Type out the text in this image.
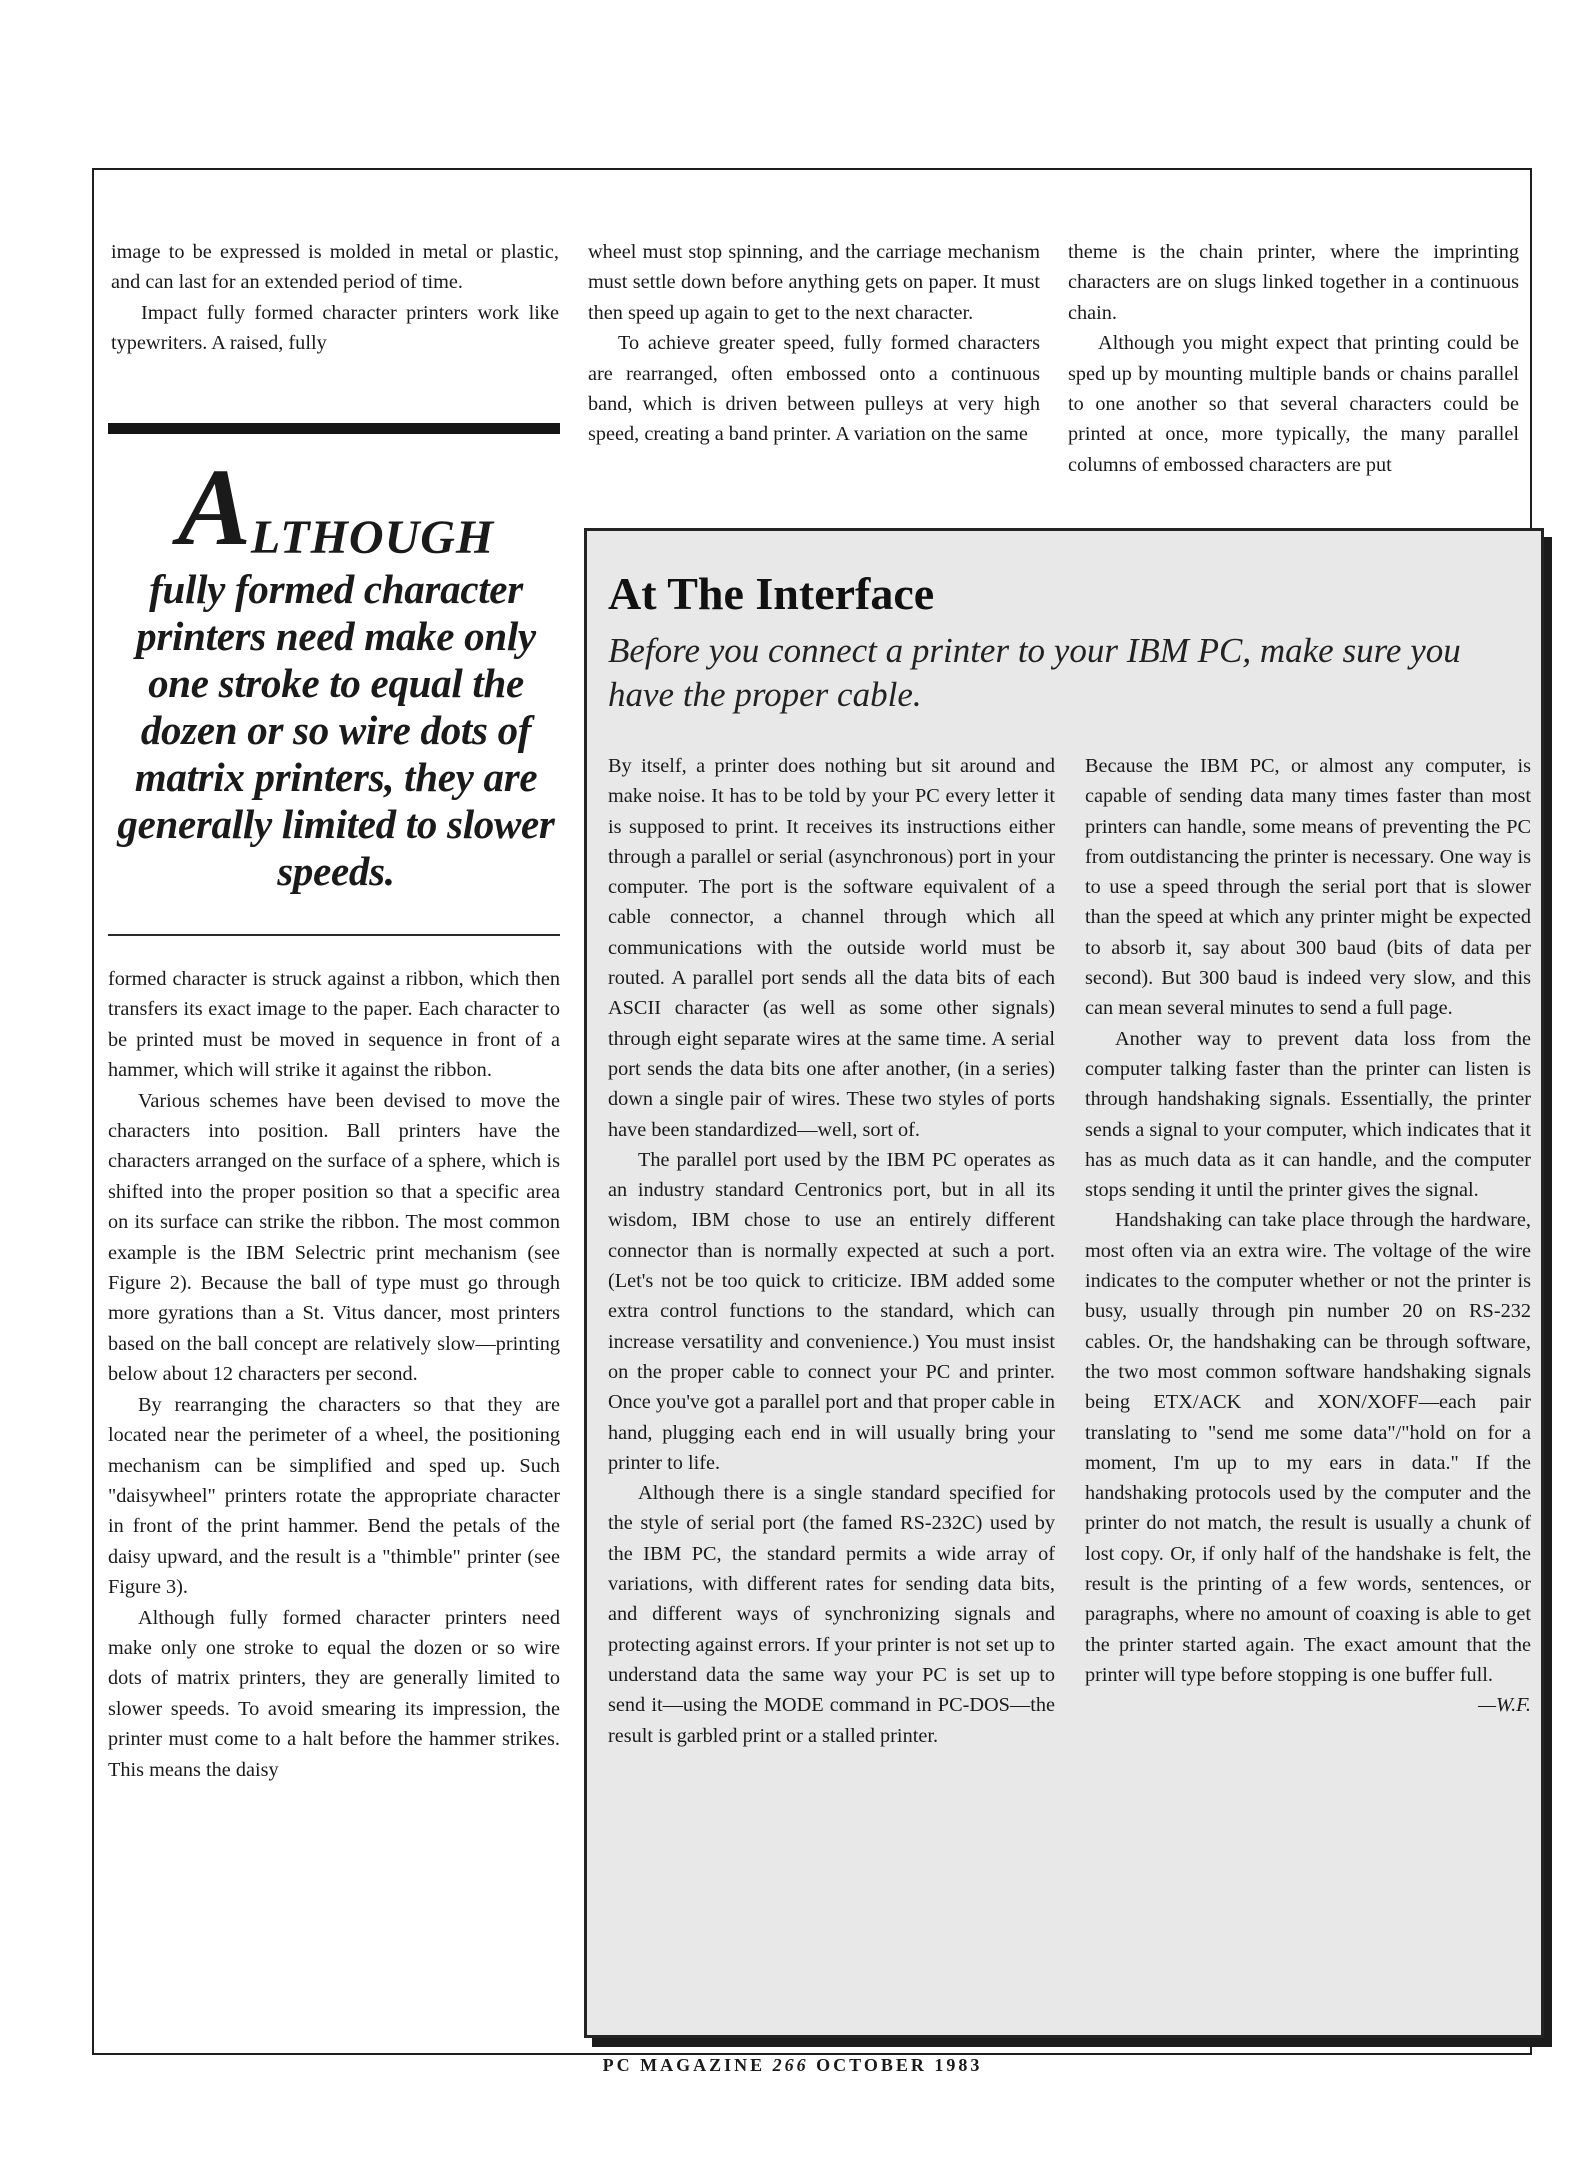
image to be expressed is molded in metal or plastic, and can last for an extended period of time.

Impact fully formed character printers work like typewriters. A raised, fully

wheel must stop spinning, and the carriage mechanism must settle down before anything gets on paper. It must then speed up again to get to the next character.

To achieve greater speed, fully formed characters are rearranged, often embossed onto a continuous band, which is driven between pulleys at very high speed, creating a band printer. A variation on the same

theme is the chain printer, where the imprinting characters are on slugs linked together in a continuous chain.

Although you might expect that printing could be sped up by mounting multiple bands or chains parallel to one another so that several characters could be printed at once, more typically, the many parallel columns of embossed characters are put

ALTHOUGH
fully formed character printers need make only one stroke to equal the dozen or so wire dots of matrix printers, they are generally limited to slower speeds.

formed character is struck against a ribbon, which then transfers its exact image to the paper. Each character to be printed must be moved in sequence in front of a hammer, which will strike it against the ribbon.

Various schemes have been devised to move the characters into position. Ball printers have the characters arranged on the surface of a sphere, which is shifted into the proper position so that a specific area on its surface can strike the ribbon. The most common example is the IBM Selectric print mechanism (see Figure 2). Because the ball of type must go through more gyrations than a St. Vitus dancer, most printers based on the ball concept are relatively slow—printing below about 12 characters per second.

By rearranging the characters so that they are located near the perimeter of a wheel, the positioning mechanism can be simplified and sped up. Such "daisywheel" printers rotate the appropriate character in front of the print hammer. Bend the petals of the daisy upward, and the result is a "thimble" printer (see Figure 3).

Although fully formed character printers need make only one stroke to equal the dozen or so wire dots of matrix printers, they are generally limited to slower speeds. To avoid smearing its impression, the printer must come to a halt before the hammer strikes. This means the daisy

At The Interface
Before you connect a printer to your IBM PC, make sure you have the proper cable.

By itself, a printer does nothing but sit around and make noise. It has to be told by your PC every letter it is supposed to print. It receives its instructions either through a parallel or serial (asynchronous) port in your computer. The port is the software equivalent of a cable connector, a channel through which all communications with the outside world must be routed. A parallel port sends all the data bits of each ASCII character (as well as some other signals) through eight separate wires at the same time. A serial port sends the data bits one after another, (in a series) down a single pair of wires. These two styles of ports have been standardized—well, sort of.

The parallel port used by the IBM PC operates as an industry standard Centronics port, but in all its wisdom, IBM chose to use an entirely different connector than is normally expected at such a port. (Let's not be too quick to criticize. IBM added some extra control functions to the standard, which can increase versatility and convenience.) You must insist on the proper cable to connect your PC and printer. Once you've got a parallel port and that proper cable in hand, plugging each end in will usually bring your printer to life.

Although there is a single standard specified for the style of serial port (the famed RS-232C) used by the IBM PC, the standard permits a wide array of variations, with different rates for sending data bits, and different ways of synchronizing signals and protecting against errors. If your printer is not set up to understand data the same way your PC is set up to send it—using the MODE command in PC-DOS—the result is garbled print or a stalled printer.

Because the IBM PC, or almost any computer, is capable of sending data many times faster than most printers can handle, some means of preventing the PC from outdistancing the printer is necessary. One way is to use a speed through the serial port that is slower than the speed at which any printer might be expected to absorb it, say about 300 baud (bits of data per second). But 300 baud is indeed very slow, and this can mean several minutes to send a full page.

Another way to prevent data loss from the computer talking faster than the printer can listen is through handshaking signals. Essentially, the printer sends a signal to your computer, which indicates that it has as much data as it can handle, and the computer stops sending it until the printer gives the signal.

Handshaking can take place through the hardware, most often via an extra wire. The voltage of the wire indicates to the computer whether or not the printer is busy, usually through pin number 20 on RS-232 cables. Or, the handshaking can be through software, the two most common software handshaking signals being ETX/ACK and XON/XOFF—each pair translating to "send me some data"/"hold on for a moment, I'm up to my ears in data." If the handshaking protocols used by the computer and the printer do not match, the result is usually a chunk of lost copy. Or, if only half of the handshake is felt, the result is the printing of a few words, sentences, or paragraphs, where no amount of coaxing is able to get the printer started again. The exact amount that the printer will type before stopping is one buffer full.
—W.F.

PC MAGAZINE 266 OCTOBER 1983
